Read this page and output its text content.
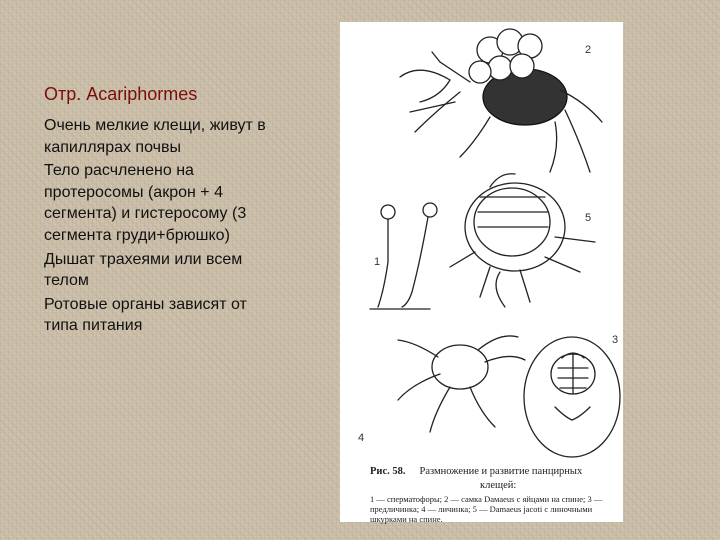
Отр. Acariphormes

Очень мелкие клещи, живут в капиллярах почвы

Тело расчленено на протеросомы (акрон + 4 сегмента) и гистеросому (3 сегмента груди+брюшко)

Дышат трахеями или всем телом

Ротовые органы зависят от типа питания

2
5
1
3
4
Рис. 58. Размножение и развитие панцирных
клещей:
1 — сперматофоры; 2 — самка Daмaeus с яйцами на спине; 3 — предличинка; 4 — личинка; 5 — Damaeus jacoti с линочными шкурками на спине.
